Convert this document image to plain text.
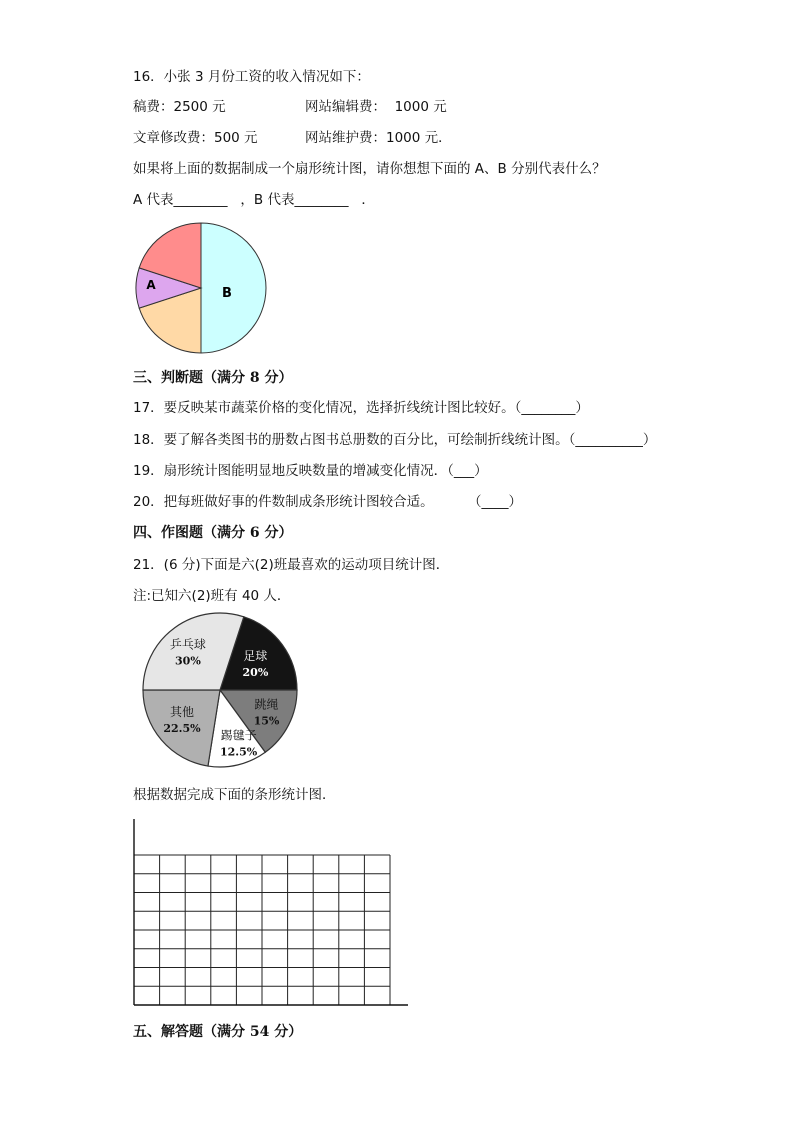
16．小张 3 月份工资的收入情况如下：
稿费：2500 元	网站编辑费：  1000 元
文章修改费：500 元	网站维护费：1000 元．
如果将上面的数据制成一个扇形统计图，请你想想下面的 A、B 分别代表什么？
A 代表________   ，B 代表________   ．
B
A
三、判断题（满分 8 分）
17．要反映某市蔬菜价格的变化情况，选择折线统计图比较好。（________）
18．要了解各类图书的册数占图书总册数的百分比，可绘制折线统计图。（__________）
19．扇形统计图能明显地反映数量的增减变化情况．（___）
20．把每班做好事的件数制成条形统计图较合适。        （____）
四、作图题（满分 6 分）
21．(6 分)下面是六(2)班最喜欢的运动项目统计图．
注:已知六(2)班有 40 人．
足球
20%
跳绳
15%
踢毽子
12.5%
其他
22.5%
乒乓球
30%
根据数据完成下面的条形统计图．
五、解答题（满分 54 分）
